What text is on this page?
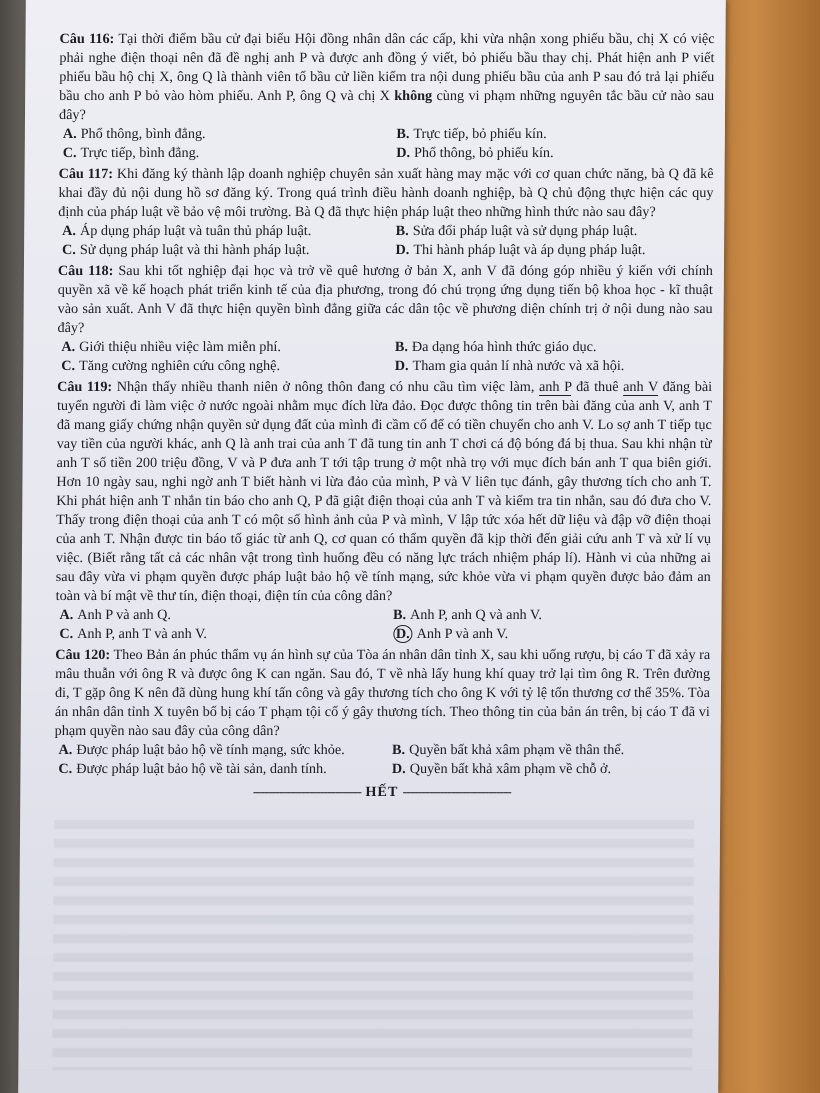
Câu 116: Tại thời điểm bầu cử đại biểu Hội đồng nhân dân các cấp, khi vừa nhận xong phiếu bầu, chị X có việc phải nghe điện thoại nên đã đề nghị anh P và được anh đồng ý viết, bỏ phiếu bầu thay chị. Phát hiện anh P viết phiếu bầu hộ chị X, ông Q là thành viên tổ bầu cử liền kiểm tra nội dung phiếu bầu của anh P sau đó trả lại phiếu bầu cho anh P bỏ vào hòm phiếu. Anh P, ông Q và chị X không cùng vi phạm những nguyên tắc bầu cử nào sau đây?
A. Phổ thông, bình đẳng.	B. Trực tiếp, bỏ phiếu kín.
C. Trực tiếp, bình đẳng.	D. Phổ thông, bỏ phiếu kín.
Câu 117: Khi đăng ký thành lập doanh nghiệp chuyên sản xuất hàng may mặc với cơ quan chức năng, bà Q đã kê khai đầy đủ nội dung hồ sơ đăng ký. Trong quá trình điều hành doanh nghiệp, bà Q chủ động thực hiện các quy định của pháp luật về bảo vệ môi trường. Bà Q đã thực hiện pháp luật theo những hình thức nào sau đây?
A. Áp dụng pháp luật và tuân thủ pháp luật.	B. Sửa đổi pháp luật và sử dụng pháp luật.
C. Sử dụng pháp luật và thi hành pháp luật.	D. Thi hành pháp luật và áp dụng pháp luật.
Câu 118: Sau khi tốt nghiệp đại học và trở về quê hương ở bản X, anh V đã đóng góp nhiều ý kiến với chính quyền xã về kế hoạch phát triển kinh tế của địa phương, trong đó chú trọng ứng dụng tiến bộ khoa học - kĩ thuật vào sản xuất. Anh V đã thực hiện quyền bình đẳng giữa các dân tộc về phương diện chính trị ở nội dung nào sau đây?
A. Giới thiệu nhiều việc làm miễn phí.	B. Đa dạng hóa hình thức giáo dục.
C. Tăng cường nghiên cứu công nghệ.	D. Tham gia quản lí nhà nước và xã hội.
Câu 119: Nhận thấy nhiều thanh niên ở nông thôn đang có nhu cầu tìm việc làm, anh P đã thuê anh V đăng bài tuyển người đi làm việc ở nước ngoài nhằm mục đích lừa đảo. Đọc được thông tin trên bài đăng của anh V, anh T đã mang giấy chứng nhận quyền sử dụng đất của mình đi cầm cố để có tiền chuyển cho anh V. Lo sợ anh T tiếp tục vay tiền của người khác, anh Q là anh trai của anh T đã tung tin anh T chơi cá độ bóng đá bị thua. Sau khi nhận từ anh T số tiền 200 triệu đồng, V và P đưa anh T tới tập trung ở một nhà trọ với mục đích bán anh T qua biên giới. Hơn 10 ngày sau, nghi ngờ anh T biết hành vi lừa đảo của mình, P và V liên tục đánh, gây thương tích cho anh T. Khi phát hiện anh T nhắn tin báo cho anh Q, P đã giật điện thoại của anh T và kiểm tra tin nhắn, sau đó đưa cho V. Thấy trong điện thoại của anh T có một số hình ảnh của P và mình, V lập tức xóa hết dữ liệu và đập vỡ điện thoại của anh T. Nhận được tin báo tố giác từ anh Q, cơ quan có thẩm quyền đã kịp thời đến giải cứu anh T và xử lí vụ việc. (Biết rằng tất cả các nhân vật trong tình huống đều có năng lực trách nhiệm pháp lí). Hành vi của những ai sau đây vừa vi phạm quyền được pháp luật bảo hộ về tính mạng, sức khỏe vừa vi phạm quyền được bảo đảm an toàn và bí mật về thư tín, điện thoại, điện tín của công dân?
A. Anh P và anh Q.	B. Anh P, anh Q và anh V.
C. Anh P, anh T và anh V.	D. Anh P và anh V.
Câu 120: Theo Bản án phúc thẩm vụ án hình sự của Tòa án nhân dân tỉnh X, sau khi uống rượu, bị cáo T đã xảy ra mâu thuẫn với ông R và được ông K can ngăn. Sau đó, T về nhà lấy hung khí quay trở lại tìm ông R. Trên đường đi, T gặp ông K nên đã dùng hung khí tấn công và gây thương tích cho ông K với tỷ lệ tổn thương cơ thể 35%. Tòa án nhân dân tỉnh X tuyên bố bị cáo T phạm tội cố ý gây thương tích. Theo thông tin của bản án trên, bị cáo T đã vi phạm quyền nào sau đây của công dân?
A. Được pháp luật bảo hộ về tính mạng, sức khỏe.	B. Quyền bất khả xâm phạm về thân thể.
C. Được pháp luật bảo hộ về tài sản, danh tính.	D. Quyền bất khả xâm phạm về chỗ ở.
----------------------------- HẾT -----------------------------
